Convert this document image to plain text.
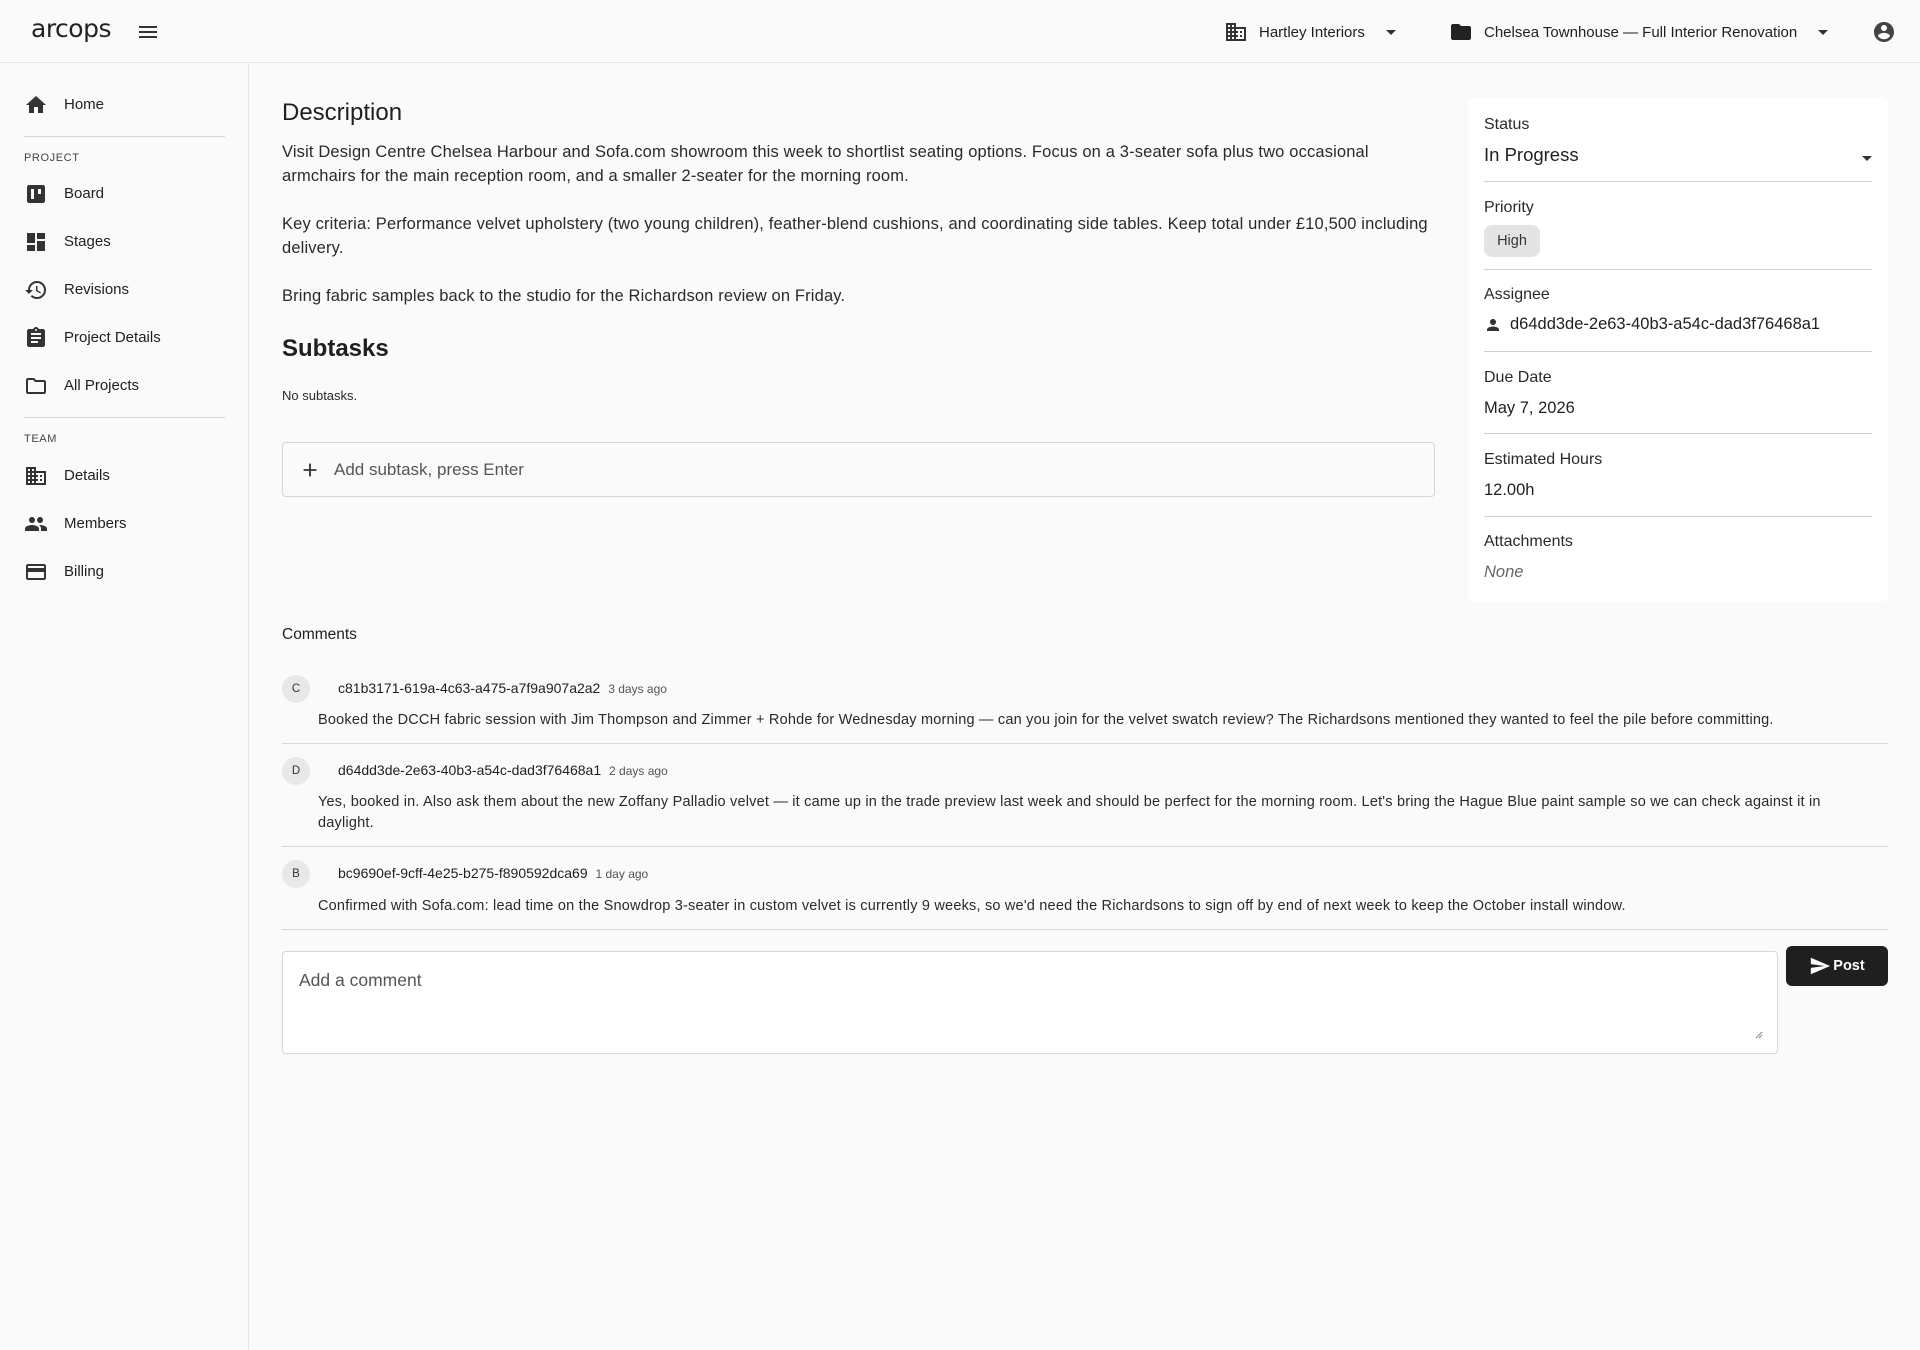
arcops	Hartley Interiors	Chelsea Townhouse — Full Interior Renovation
Home
PROJECT
Board
Stages
Revisions
Project Details
All Projects
TEAM
Details
Members
Billing
Description

Visit Design Centre Chelsea Harbour and Sofa.com showroom this week to shortlist seating options. Focus on a 3-seater sofa plus two occasional armchairs for the main reception room, and a smaller 2-seater for the morning room.

Key criteria: Performance velvet upholstery (two young children), feather-blend cushions, and coordinating side tables. Keep total under £10,500 including delivery.

Bring fabric samples back to the studio for the Richardson review on Friday.

Subtasks
No subtasks.
Add subtask, press Enter
Status
In Progress
Priority
High
Assignee
d64dd3de-2e63-40b3-a54c-dad3f76468a1
Due Date
May 7, 2026
Estimated Hours
12.00h
Attachments
None
Comments
C	c81b3171-619a-4c63-a475-a7f9a907a2a2 3 days ago
Booked the DCCH fabric session with Jim Thompson and Zimmer + Rohde for Wednesday morning — can you join for the velvet swatch review? The Richardsons mentioned they wanted to feel the pile before committing.
D	d64dd3de-2e63-40b3-a54c-dad3f76468a1 2 days ago
Yes, booked in. Also ask them about the new Zoffany Palladio velvet — it came up in the trade preview last week and should be perfect for the morning room. Let's bring the Hague Blue paint sample so we can check against it in daylight.
B	bc9690ef-9cff-4e25-b275-f890592dca69 1 day ago
Confirmed with Sofa.com: lead time on the Snowdrop 3-seater in custom velvet is currently 9 weeks, so we'd need the Richardsons to sign off by end of next week to keep the October install window.
Add a comment
Post
